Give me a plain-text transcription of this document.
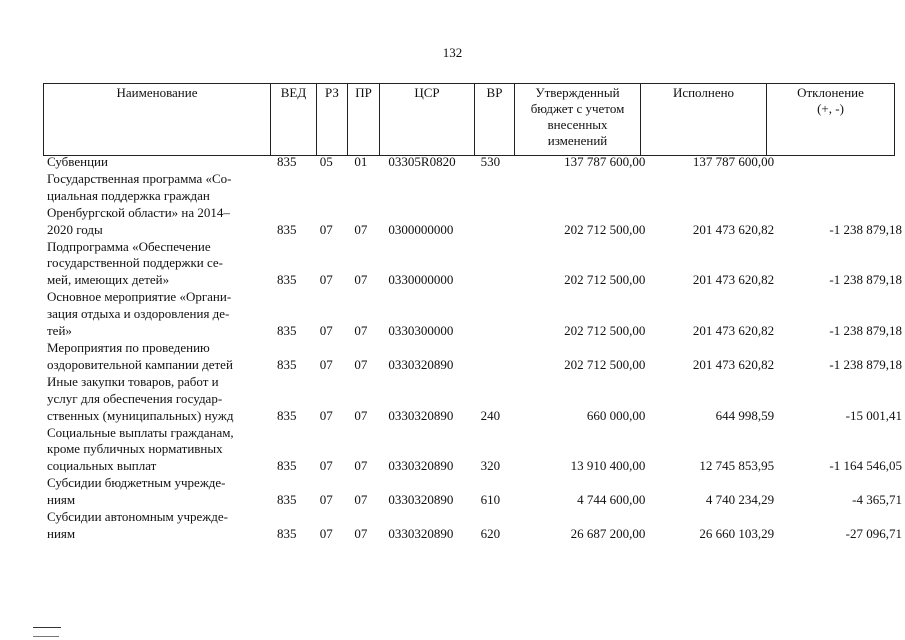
132
Наименование	ВЕД	РЗ	ПР	ЦСР	ВР	Утвержденный
бюджет с учетом
внесенных
изменений	Исполнено	Отклонение
(+, -)
Субвенции	835	05	01	03305R0820	530	137 787 600,00	137 787 600,00	
Государственная программа «Со-
циальная поддержка граждан
Оренбургской области» на 2014–
2020 годы	835	07	07	0300000000		202 712 500,00	201 473 620,82	-1 238 879,18
Подпрограмма «Обеспечение
государственной поддержки се-
мей, имеющих детей»	835	07	07	0330000000		202 712 500,00	201 473 620,82	-1 238 879,18
Основное мероприятие «Органи-
зация отдыха и оздоровления де-
тей»	835	07	07	0330300000		202 712 500,00	201 473 620,82	-1 238 879,18
Мероприятия по проведению
оздоровительной кампании детей	835	07	07	0330320890		202 712 500,00	201 473 620,82	-1 238 879,18
Иные закупки товаров, работ и
услуг для обеспечения государ-
ственных (муниципальных) нужд	835	07	07	0330320890	240	660 000,00	644 998,59	-15 001,41
Социальные выплаты гражданам,
кроме публичных нормативных
социальных выплат	835	07	07	0330320890	320	13 910 400,00	12 745 853,95	-1 164 546,05
Субсидии бюджетным учрежде-
ниям	835	07	07	0330320890	610	4 744 600,00	4 740 234,29	-4 365,71
Субсидии автономным учрежде-
ниям	835	07	07	0330320890	620	26 687 200,00	26 660 103,29	-27 096,71
